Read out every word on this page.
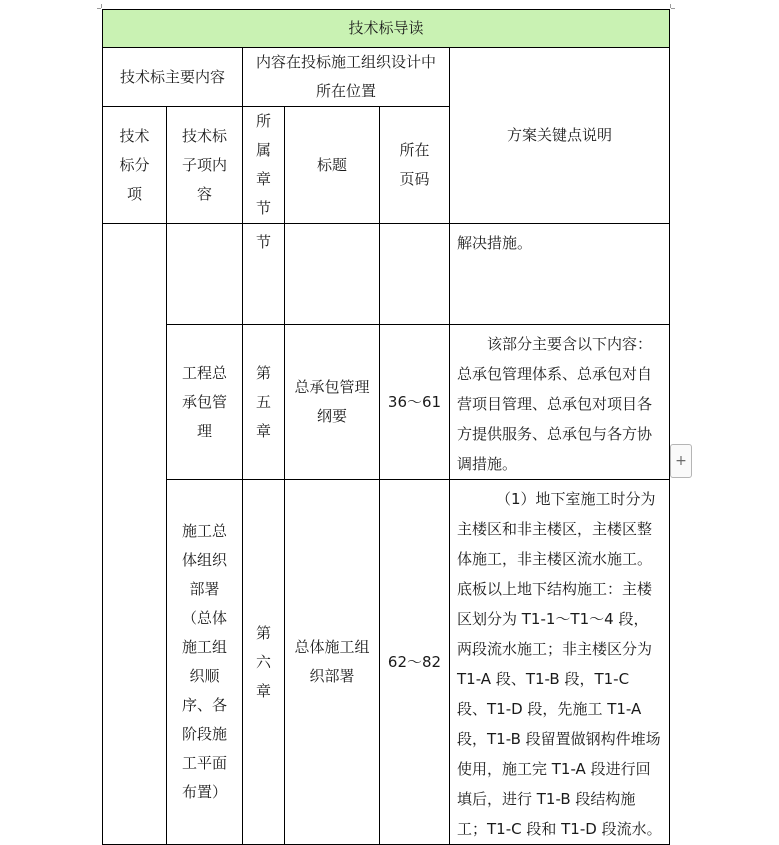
技术标导读					
技术标主要内容		内容在投标施工组织设计中所在位置			方案关键点说明
技术标分项	技术标子项内容	所属章节	标题	所在页码	
		节			解决措施。
	工程总承包管理	第五章	总承包管理纲要	36～61	该部分主要含以下内容：总承包管理体系、总承包对自营项目管理、总承包对项目各方提供服务、总承包与各方协调措施。
	施工总体组织部署（总体施工组织顺序、各阶段施工平面布置）	第六章	总体施工组织部署	62～82	（1）地下室施工时分为主楼区和非主楼区，主楼区整体施工，非主楼区流水施工。底板以上地下结构施工：主楼区划分为 T1-1～T1～4 段，两段流水施工；非主楼区分为 T1-A 段、T1-B 段，T1-C 段、T1-D 段，先施工 T1-A 段，T1-B 段留置做钢构件堆场使用，施工完 T1-A 段进行回填后，进行 T1-B 段结构施工；T1-C 段和 T1-D 段流水。
+
